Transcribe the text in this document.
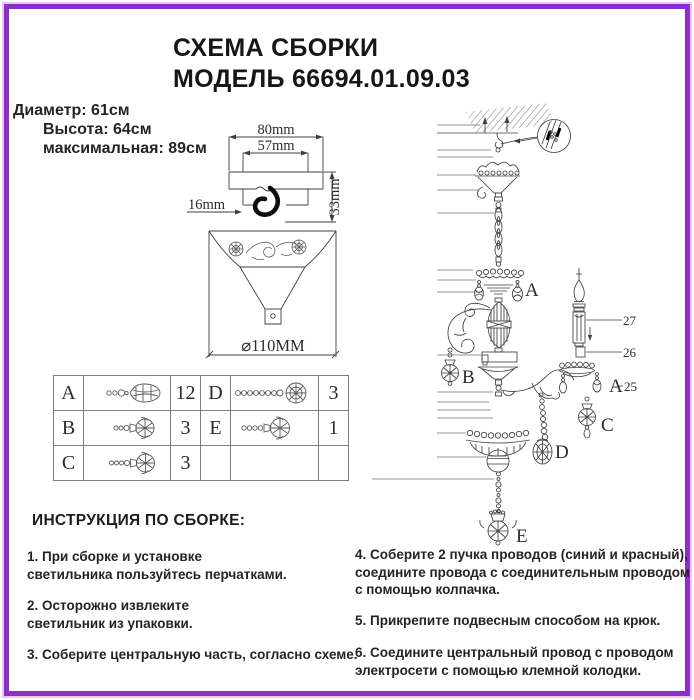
СХЕМА СБОРКИ
МОДЕЛЬ 66694.01.09.03
Диаметр: 61см
Высота: 64см
максимальная: 89см
80mm
57mm
16mm	33mm
⌀110MM
A		12	D		3
B		3	E		1
C		3			
A
B	A
C
D
E
27
26
25
ИНСТРУКЦИЯ ПО СБОРКЕ:
1. При сборке и установке
светильника пользуйтесь перчатками.
2. Осторожно извлеките
светильник из упаковки.
3. Соберите центральную часть, согласно схеме.
4. Соберите 2 пучка проводов (синий и красный),
соедините провода с соединительным проводом
с помощью колпачка.
5. Прикрепите подвесным способом на крюк.
6. Соедините центральный провод с проводом
электросети с помощью клемной колодки.
